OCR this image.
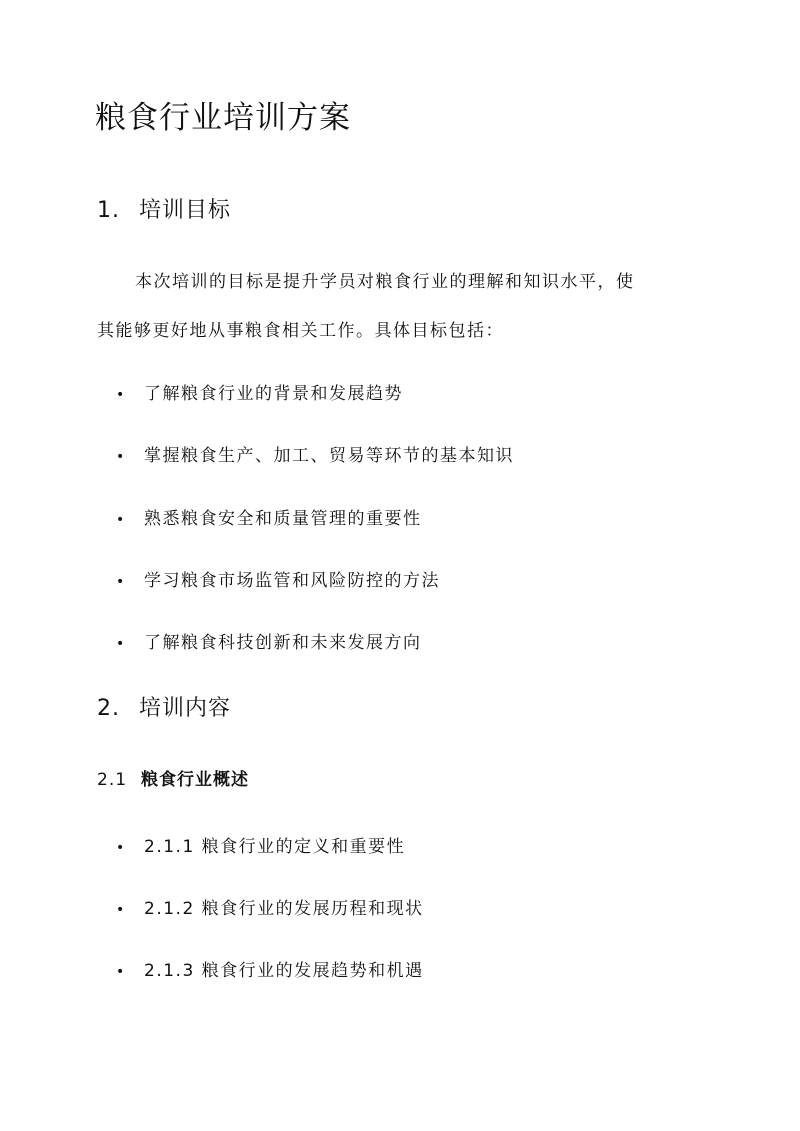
粮食行业培训方案
1. 培训目标

本次培训的目标是提升学员对粮食行业的理解和知识水平，使

其能够更好地从事粮食相关工作。具体目标包括：

• 了解粮食行业的背景和发展趋势
• 掌握粮食生产、加工、贸易等环节的基本知识
• 熟悉粮食安全和质量管理的重要性
• 学习粮食市场监管和风险防控的方法
• 了解粮食科技创新和未来发展方向
2. 培训内容
2.1 粮食行业概述
• 2.1.1 粮食行业的定义和重要性
• 2.1.2 粮食行业的发展历程和现状
• 2.1.3 粮食行业的发展趋势和机遇
